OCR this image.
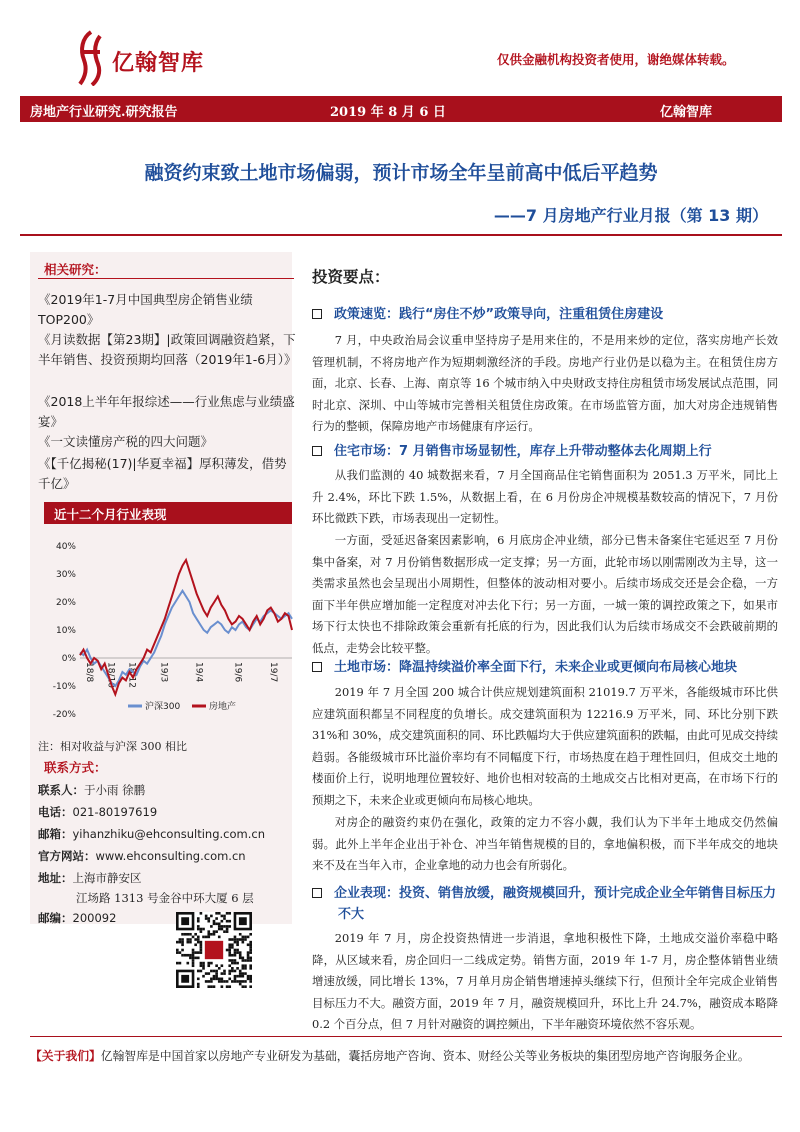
亿翰智库	仅供金融机构投资者使用，谢绝媒体转载。
房地产行业研究.研究报告	2019 年 8 月 6 日	亿翰智库
融资约束致土地市场偏弱，预计市场全年呈前高中低后平趋势
——7 月房地产行业月报（第 13 期）
相关研究：
《2019年1-7月中国典型房企销售业绩TOP200》
《月读数据【第23期】|政策回调融资趋紧，下半年销售、投资预期均回落（2019年1-6月）》
《2018上半年年报综述——行业焦虑与业绩盛宴》
《一文读懂房产税的四大问题》
《【千亿揭秘(17)|华夏幸福】厚积薄发，借势千亿》
近十二个月行业表现
40%
30%
20%
10%
0%
-10%
-20%
18/8 18/10 18/12 19/3	19/4	19/6	19/7
沪深300	房地产
注：相对收益与沪深 300 相比
联系方式：
联系人：于小雨 徐鹏
电话：021-80197619
邮箱：yihanzhiku@ehconsulting.com.cn
官方网站：www.ehconsulting.com.cn
地址：上海市静安区
江场路 1313 号金谷中环大厦 6 层
邮编：200092
投资要点：
政策速览：践行“房住不炒”政策导向，注重租赁住房建设
7 月，中央政治局会议重申坚持房子是用来住的，不是用来炒的定位，落实房地产长效管理机制，不将房地产作为短期刺激经济的手段。房地产行业仍是以稳为主。在租赁住房方面，北京、长春、上海、南京等 16 个城市纳入中央财政支持住房租赁市场发展试点范围，同时北京、深圳、中山等城市完善相关租赁住房政策。在市场监管方面，加大对房企违规销售行为的整顿，保障房地产市场健康有序运行。
住宅市场：7 月销售市场显韧性，库存上升带动整体去化周期上行
从我们监测的 40 城数据来看，7 月全国商品住宅销售面积为 2051.3 万平米，同比上升 2.4%，环比下跌 1.5%，从数据上看，在 6 月份房企冲规模基数较高的情况下，7 月份环比微跌下跌，市场表现出一定韧性。
一方面，受延迟备案因素影响，6 月底房企冲业绩，部分已售未备案住宅延迟至 7 月份集中备案，对 7 月份销售数据形成一定支撑；另一方面，此轮市场以刚需刚改为主导，这一类需求虽然也会呈现出小周期性，但整体的波动相对要小。后续市场成交还是会企稳，一方面下半年供应增加能一定程度对冲去化下行；另一方面，一城一策的调控政策之下，如果市场下行太快也不排除政策会重新有托底的行为，因此我们认为后续市场成交不会跌破前期的低点，走势会比较平整。
土地市场：降温持续溢价率全面下行，未来企业或更倾向布局核心地块
2019 年 7 月全国 200 城合计供应规划建筑面积 21019.7 万平米，各能级城市环比供应建筑面积都呈不同程度的负增长。成交建筑面积为 12216.9 万平米，同、环比分别下跌 31%和 30%，成交建筑面积的同、环比跌幅均大于供应建筑面积的跌幅，由此可见成交持续趋弱。各能级城市环比溢价率均有不同幅度下行，市场热度在趋于理性回归，但成交土地的楼面价上行，说明地理位置较好、地价也相对较高的土地成交占比相对更高，在市场下行的预期之下，未来企业或更倾向布局核心地块。
对房企的融资约束仍在强化，政策的定力不容小觑，我们认为下半年土地成交仍然偏弱。此外上半年企业出于补仓、冲当年销售规模的目的，拿地偏积极，而下半年成交的地块来不及在当年入市，企业拿地的动力也会有所弱化。
企业表现：投资、销售放缓，融资规模回升，预计完成企业全年销售目标压力不大
2019 年 7 月，房企投资热情进一步消退，拿地积极性下降，土地成交溢价率稳中略降，从区域来看，房企回归一二线成定势。销售方面，2019 年 1-7 月，房企整体销售业绩增速放缓，同比增长 13%，7 月单月房企销售增速掉头继续下行，但预计全年完成企业销售目标压力不大。融资方面，2019 年 7 月，融资规模回升，环比上升 24.7%，融资成本略降 0.2 个百分点，但 7 月针对融资的调控频出，下半年融资环境依然不容乐观。
【关于我们】亿翰智库是中国首家以房地产专业研发为基础，囊括房地产咨询、资本、财经公关等业务板块的集团型房地产咨询服务企业。
